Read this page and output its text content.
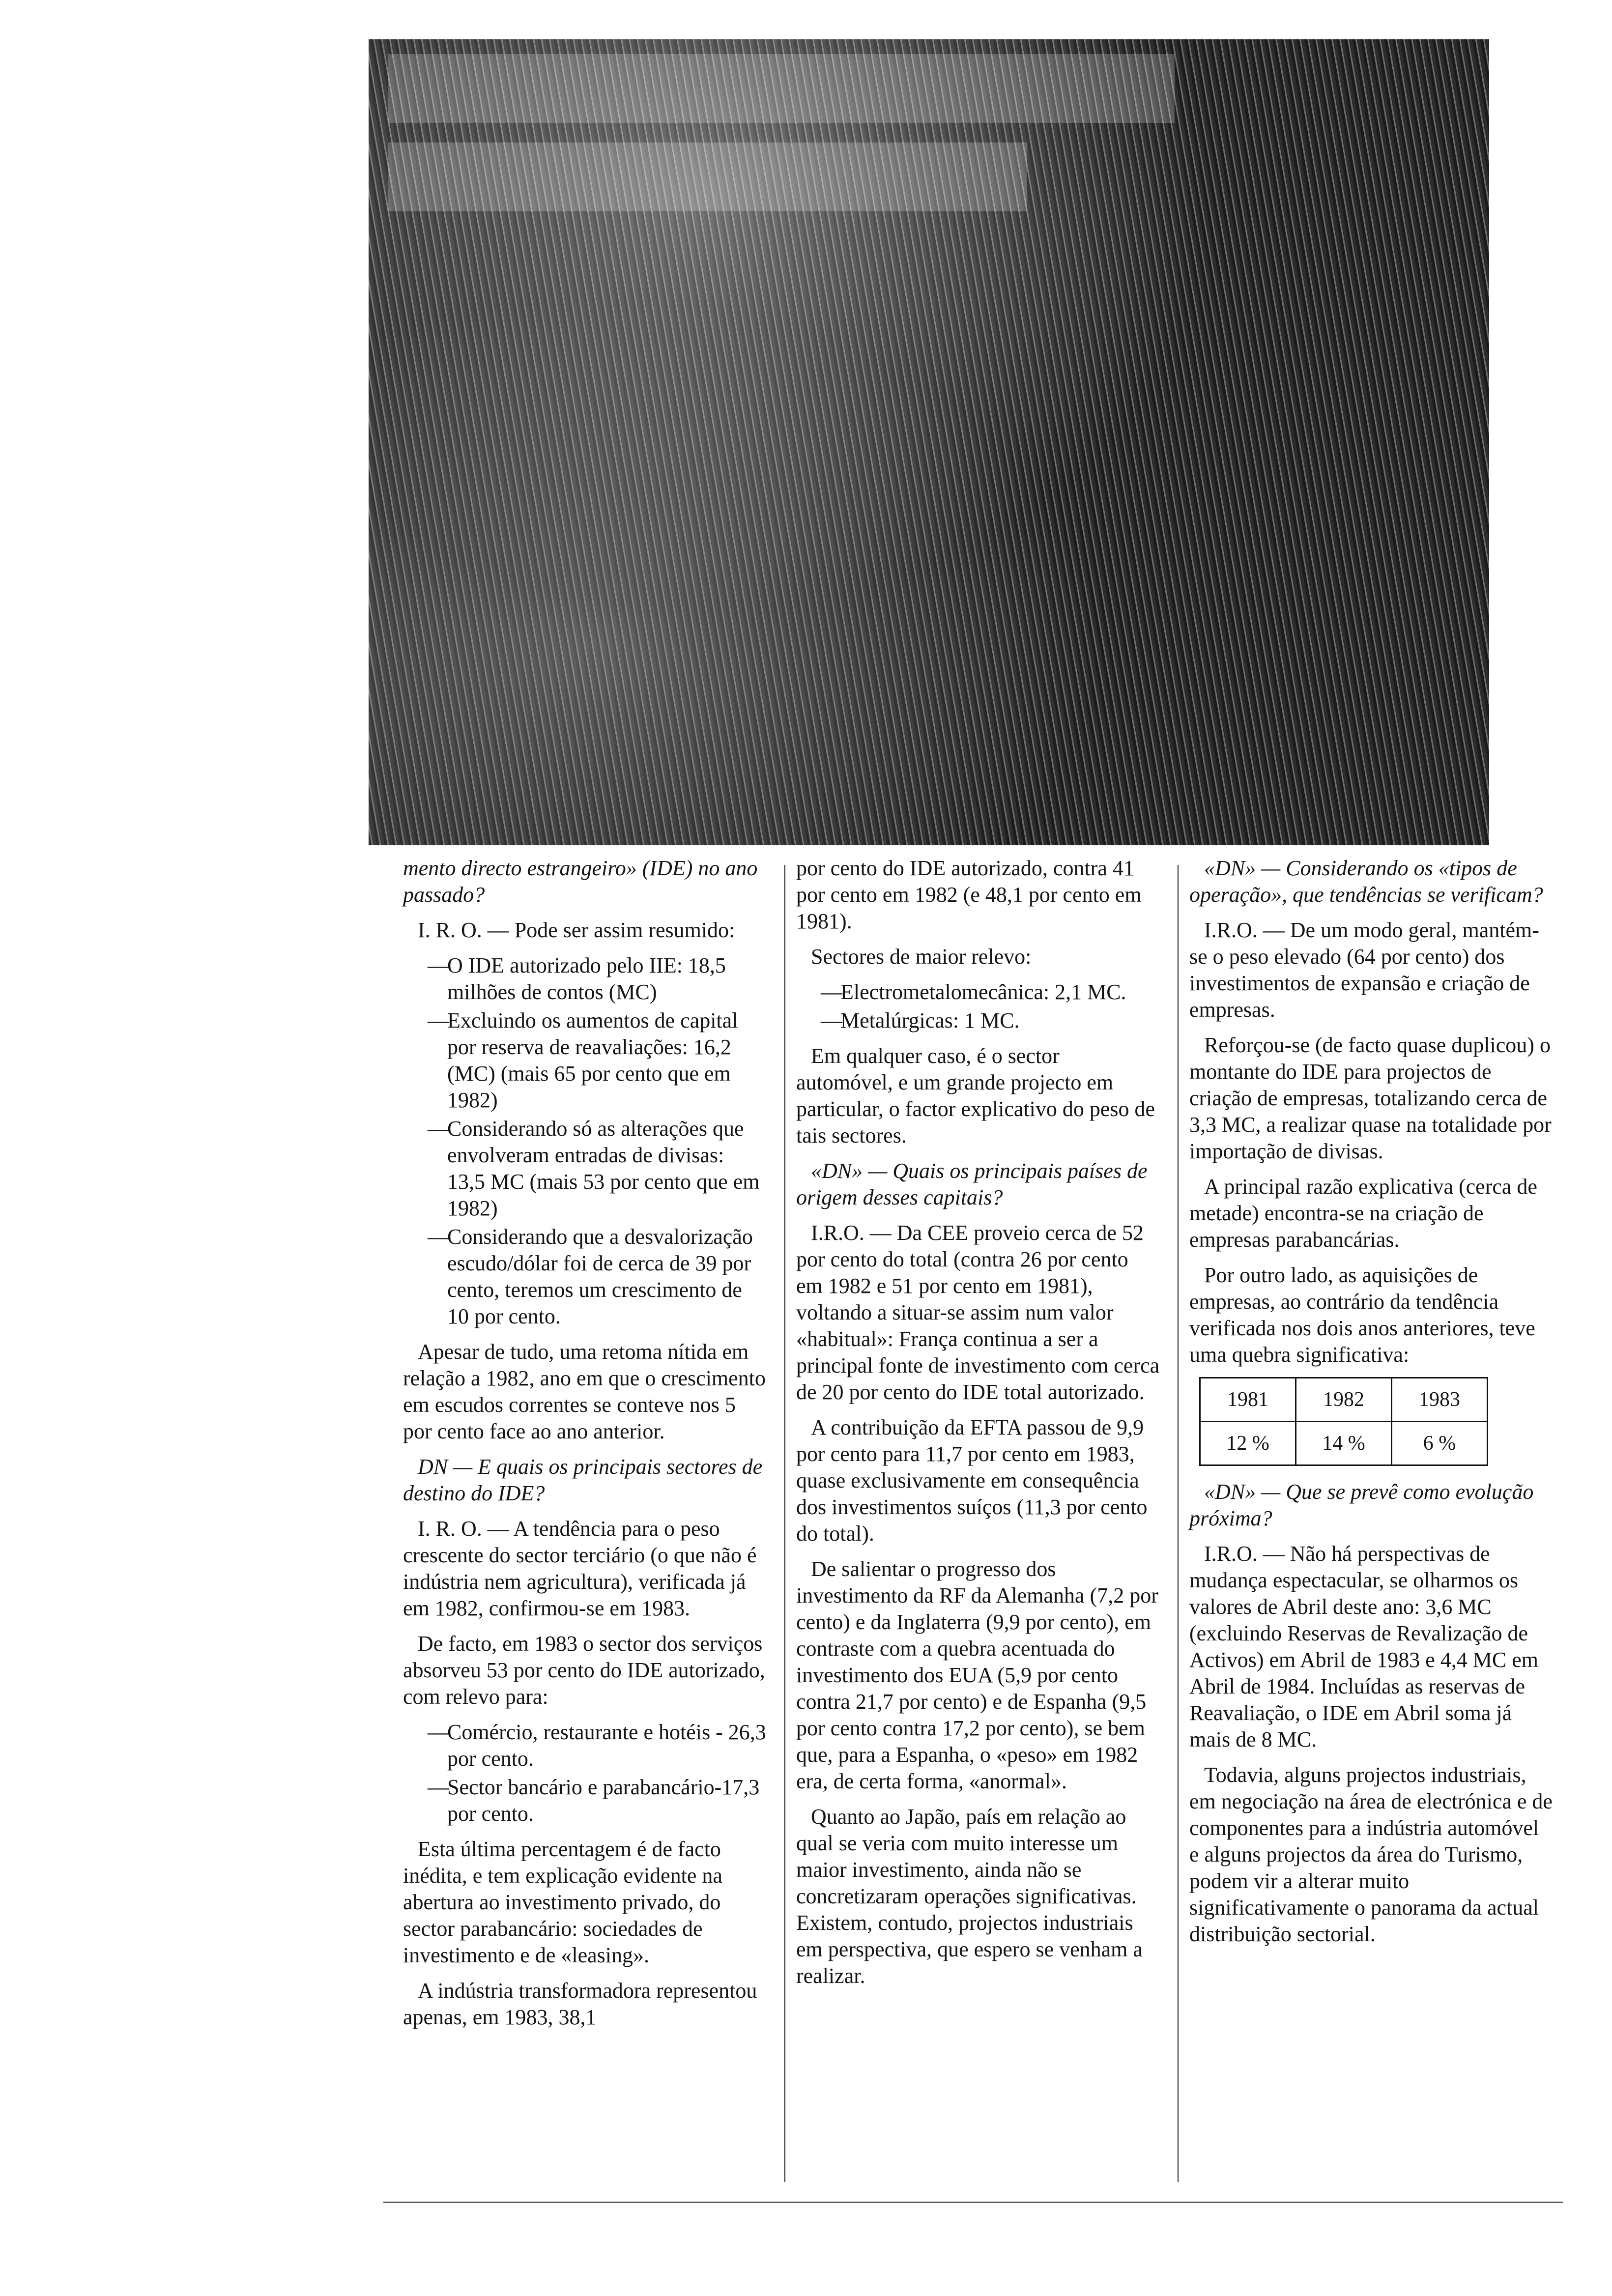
mento directo estrangeiro» (IDE) no ano passado?

I. R. O. — Pode ser assim resumido:

— O IDE autorizado pelo IIE: 18,5 milhões de contos (MC)
— Excluindo os aumentos de capital por reserva de reavaliações: 16,2 (MC) (mais 65 por cento que em 1982)
— Considerando só as alterações que envolveram entradas de divisas: 13,5 MC (mais 53 por cento que em 1982)
— Considerando que a desvalorização escudo/dólar foi de cerca de 39 por cento, teremos um crescimento de 10 por cento.

Apesar de tudo, uma retoma nítida em relação a 1982, ano em que o crescimento em escudos correntes se conteve nos 5 por cento face ao ano anterior.

DN — E quais os principais sectores de destino do IDE?

I. R. O. — A tendência para o peso crescente do sector terciário (o que não é indústria nem agricultura), verificada já em 1982, confirmou-se em 1983.

De facto, em 1983 o sector dos serviços absorveu 53 por cento do IDE autorizado, com relevo para:

— Comércio, restaurante e hotéis - 26,3 por cento.
— Sector bancário e parabancário-17,3 por cento.

Esta última percentagem é de facto inédita, e tem explicação evidente na abertura ao investimento privado, do sector parabancário: sociedades de investimento e de «leasing».

A indústria transformadora representou apenas, em 1983, 38,1

por cento do IDE autorizado, contra 41 por cento em 1982 (e 48,1 por cento em 1981).

Sectores de maior relevo:

— Electrometalomecânica: 2,1 MC.
— Metalúrgicas: 1 MC.

Em qualquer caso, é o sector automóvel, e um grande projecto em particular, o factor explicativo do peso de tais sectores.

«DN» — Quais os principais países de origem desses capitais?

I.R.O. — Da CEE proveio cerca de 52 por cento do total (contra 26 por cento em 1982 e 51 por cento em 1981), voltando a situar-se assim num valor «habitual»: França continua a ser a principal fonte de investimento com cerca de 20 por cento do IDE total autorizado.

A contribuição da EFTA passou de 9,9 por cento para 11,7 por cento em 1983, quase exclusivamente em consequência dos investimentos suíços (11,3 por cento do total).

De salientar o progresso dos investimento da RF da Alemanha (7,2 por cento) e da Inglaterra (9,9 por cento), em contraste com a quebra acentuada do investimento dos EUA (5,9 por cento contra 21,7 por cento) e de Espanha (9,5 por cento contra 17,2 por cento), se bem que, para a Espanha, o «peso» em 1982 era, de certa forma, «anormal».

Quanto ao Japão, país em relação ao qual se veria com muito interesse um maior investimento, ainda não se concretizaram operações significativas. Existem, contudo, projectos industriais em perspectiva, que espero se venham a realizar.

«DN» — Considerando os «tipos de operação», que tendências se verificam?

I.R.O. — De um modo geral, mantém-se o peso elevado (64 por cento) dos investimentos de expansão e criação de empresas.

Reforçou-se (de facto quase duplicou) o montante do IDE para projectos de criação de empresas, totalizando cerca de 3,3 MC, a realizar quase na totalidade por importação de divisas.

A principal razão explicativa (cerca de metade) encontra-se na criação de empresas parabancárias.

Por outro lado, as aquisições de empresas, ao contrário da tendência verificada nos dois anos anteriores, teve uma quebra significativa:

1981	1982	1983
12 %	14 %	6 %

«DN» — Que se prevê como evolução próxima?

I.R.O. — Não há perspectivas de mudança espectacular, se olharmos os valores de Abril deste ano: 3,6 MC (excluindo Reservas de Revalização de Activos) em Abril de 1983 e 4,4 MC em Abril de 1984. Incluídas as reservas de Reavaliação, o IDE em Abril soma já mais de 8 MC.

Todavia, alguns projectos industriais, em negociação na área de electrónica e de componentes para a indústria automóvel e alguns projectos da área do Turismo, podem vir a alterar muito significativamente o panorama da actual distribuição sectorial.
